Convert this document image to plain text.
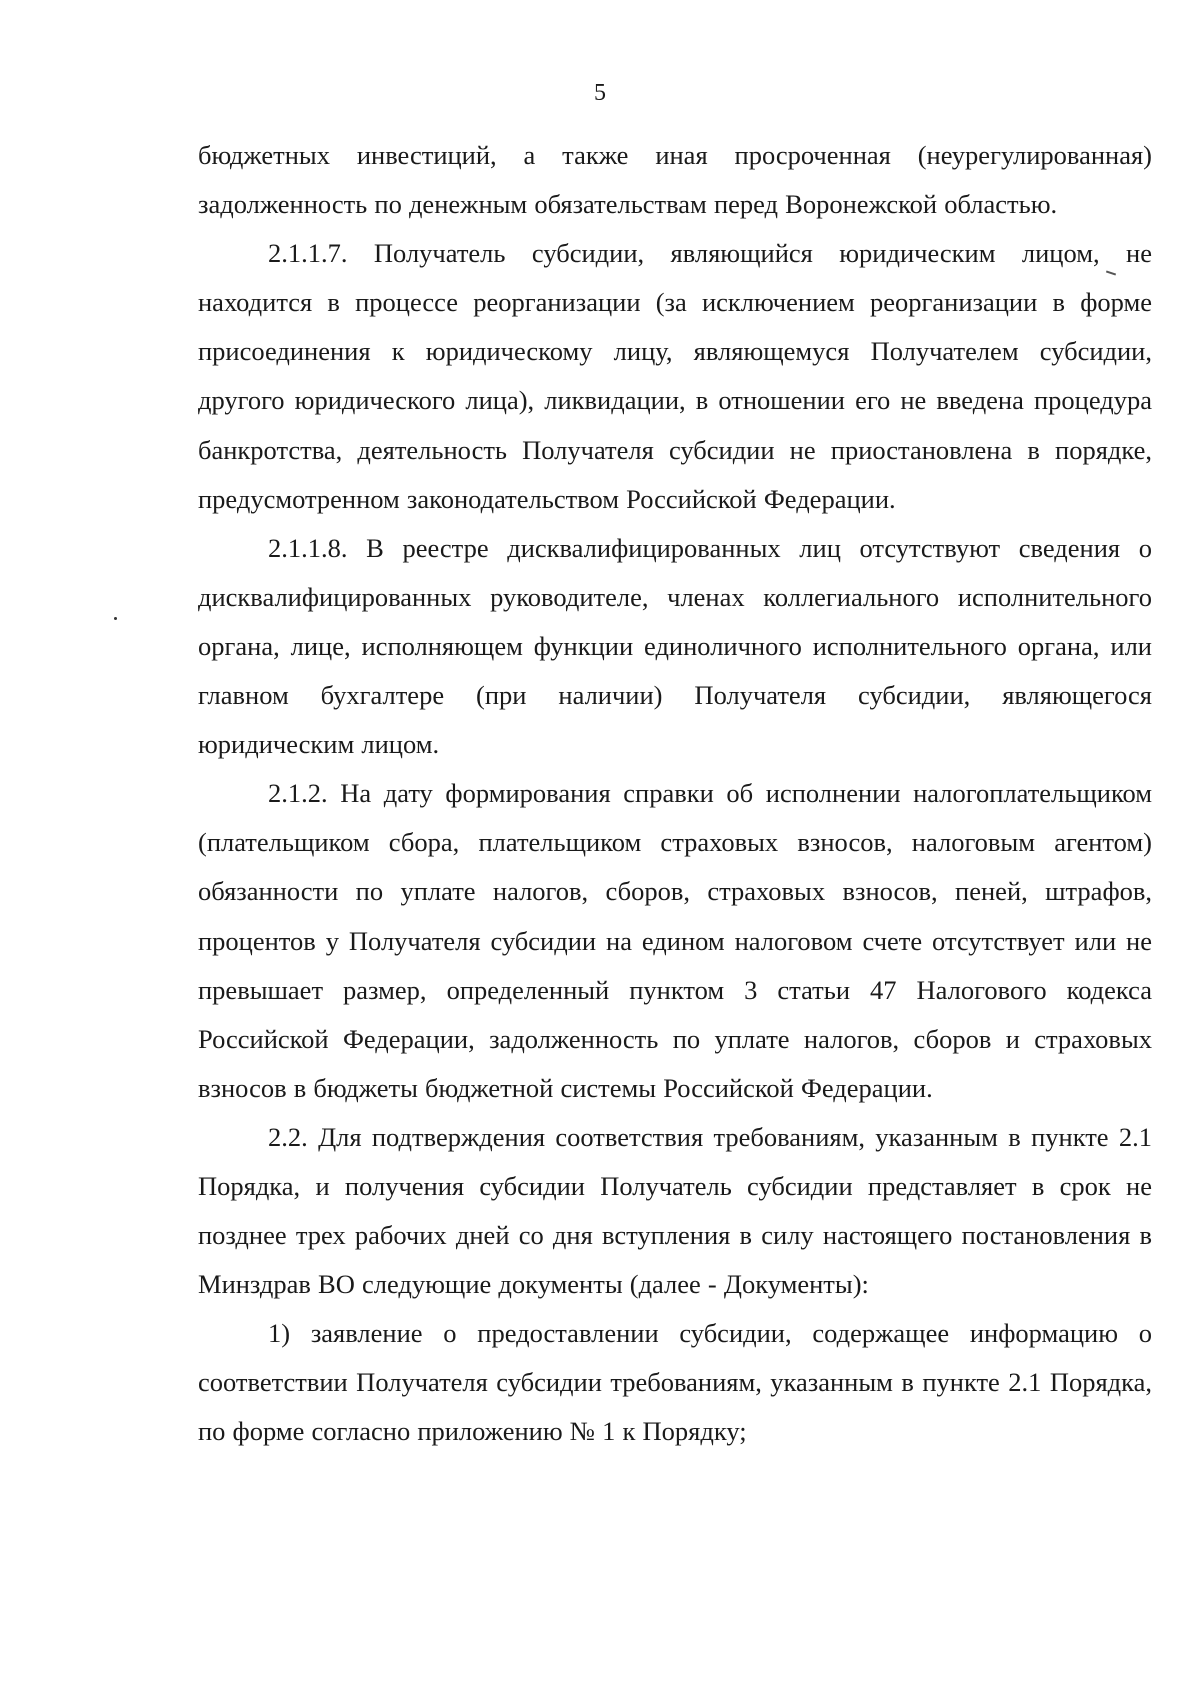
5

бюджетных инвестиций, а также иная просроченная (неурегулированная) задолженность по денежным обязательствам перед Воронежской областью.

2.1.1.7. Получатель субсидии, являющийся юридическим лицом, не находится в процессе реорганизации (за исключением реорганизации в форме присоединения к юридическому лицу, являющемуся Получателем субсидии, другого юридического лица), ликвидации, в отношении его не введена процедура банкротства, деятельность Получателя субсидии не приостановлена в порядке, предусмотренном законодательством Российской Федерации.

2.1.1.8. В реестре дисквалифицированных лиц отсутствуют сведения о дисквалифицированных руководителе, членах коллегиального исполнительного органа, лице, исполняющем функции единоличного исполнительного органа, или главном бухгалтере (при наличии) Получателя субсидии, являющегося юридическим лицом.

2.1.2. На дату формирования справки об исполнении налогоплательщиком (плательщиком сбора, плательщиком страховых взносов, налоговым агентом) обязанности по уплате налогов, сборов, страховых взносов, пеней, штрафов, процентов у Получателя субсидии на едином налоговом счете отсутствует или не превышает размер, определенный пунктом 3 статьи 47 Налогового кодекса Российской Федерации, задолженность по уплате налогов, сборов и страховых взносов в бюджеты бюджетной системы Российской Федерации.

2.2. Для подтверждения соответствия требованиям, указанным в пункте 2.1 Порядка, и получения субсидии Получатель субсидии представляет в срок не позднее трех рабочих дней со дня вступления в силу настоящего постановления в Минздрав ВО следующие документы (далее - Документы):

1) заявление о предоставлении субсидии, содержащее информацию о соответствии Получателя субсидии требованиям, указанным в пункте 2.1 Порядка, по форме согласно приложению № 1 к Порядку;
